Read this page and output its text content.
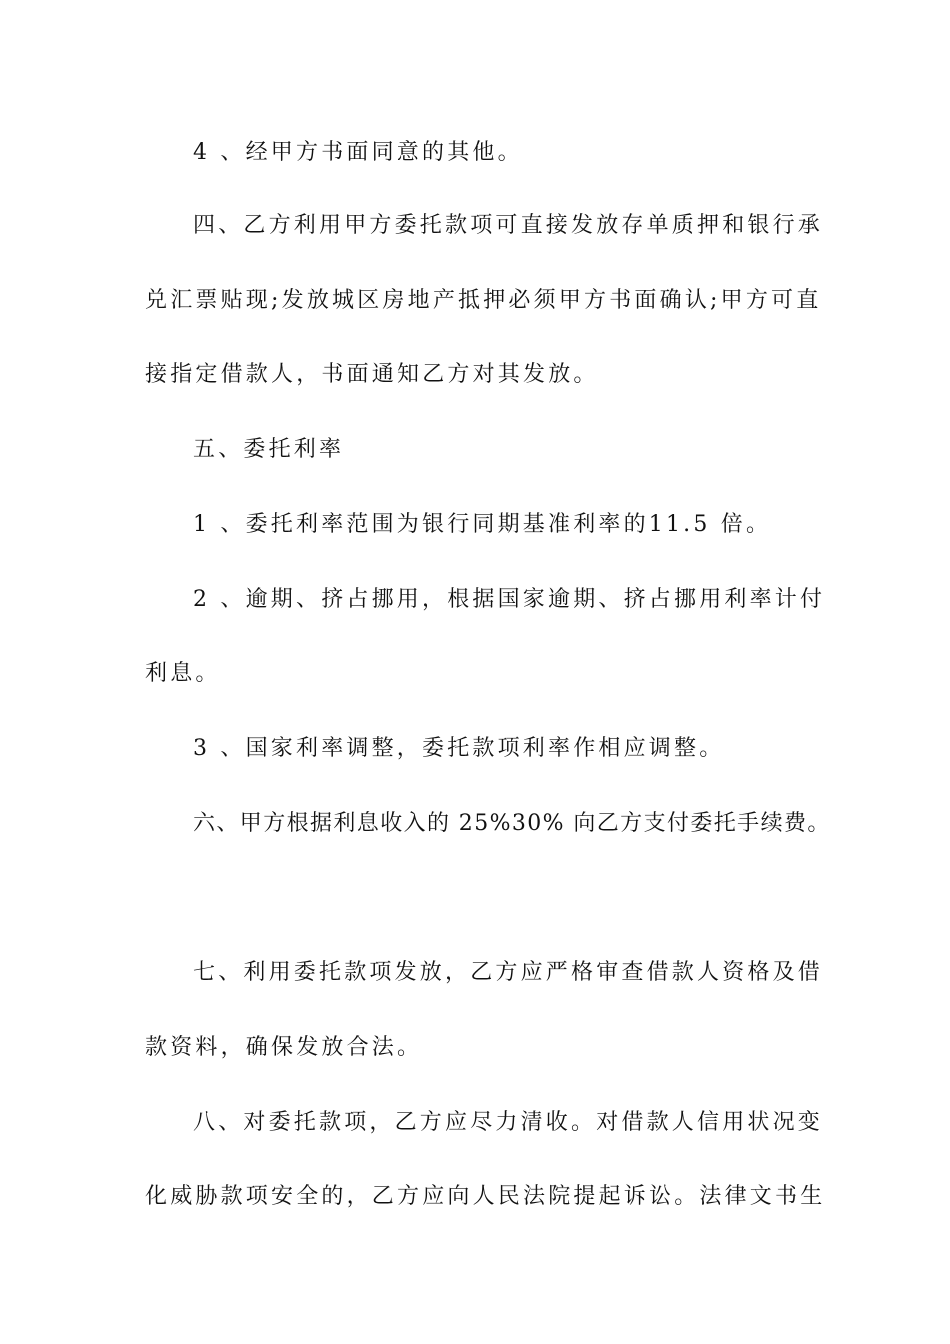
4 、经甲方书面同意的其他。
四、乙方利用甲方委托款项可直接发放存单质押和银行承
兑汇票贴现;发放城区房地产抵押必须甲方书面确认;甲方可直
接指定借款人，书面通知乙方对其发放。
五、委托利率
1 、委托利率范围为银行同期基准利率的11.5 倍。
2 、逾期、挤占挪用，根据国家逾期、挤占挪用利率计付
利息。
3 、国家利率调整，委托款项利率作相应调整。
六、甲方根据利息收入的 25%30% 向乙方支付委托手续费。
七、利用委托款项发放，乙方应严格审查借款人资格及借
款资料，确保发放合法。
八、对委托款项，乙方应尽力清收。对借款人信用状况变
化威胁款项安全的，乙方应向人民法院提起诉讼。法律文书生
